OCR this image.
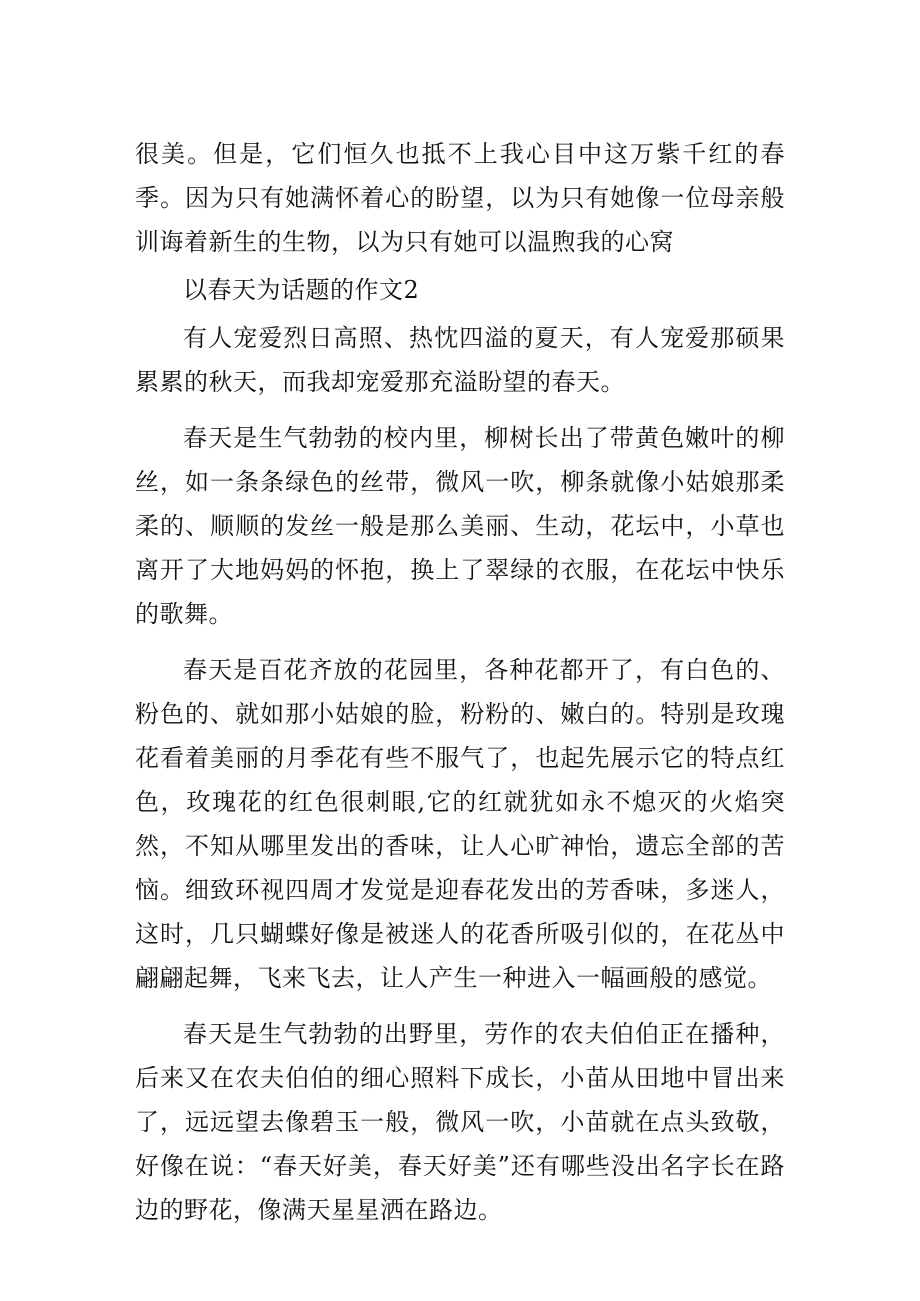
很美。但是，它们恒久也抵不上我心目中这万紫千红的春季。因为只有她满怀着心的盼望，以为只有她像一位母亲般训诲着新生的生物，以为只有她可以温煦我的心窝

以春天为话题的作文2

有人宠爱烈日高照、热忱四溢的夏天，有人宠爱那硕果累累的秋天，而我却宠爱那充溢盼望的春天。

春天是生气勃勃的校内里，柳树长出了带黄色嫩叶的柳丝，如一条条绿色的丝带，微风一吹，柳条就像小姑娘那柔柔的、顺顺的发丝一般是那么美丽、生动，花坛中，小草也离开了大地妈妈的怀抱，换上了翠绿的衣服，在花坛中快乐的歌舞。

春天是百花齐放的花园里，各种花都开了，有白色的、粉色的、就如那小姑娘的脸，粉粉的、嫩白的。特别是玫瑰花看着美丽的月季花有些不服气了，也起先展示它的特点红色，玫瑰花的红色很刺眼,它的红就犹如永不熄灭的火焰突然，不知从哪里发出的香味，让人心旷神怡，遗忘全部的苦恼。细致环视四周才发觉是迎春花发出的芳香味，多迷人，这时，几只蝴蝶好像是被迷人的花香所吸引似的，在花丛中翩翩起舞，飞来飞去，让人产生一种进入一幅画般的感觉。

春天是生气勃勃的出野里，劳作的农夫伯伯正在播种，后来又在农夫伯伯的细心照料下成长，小苗从田地中冒出来了，远远望去像碧玉一般，微风一吹，小苗就在点头致敬，好像在说：“春天好美，春天好美”还有哪些没出名字长在路边的野花，像满天星星洒在路边。
